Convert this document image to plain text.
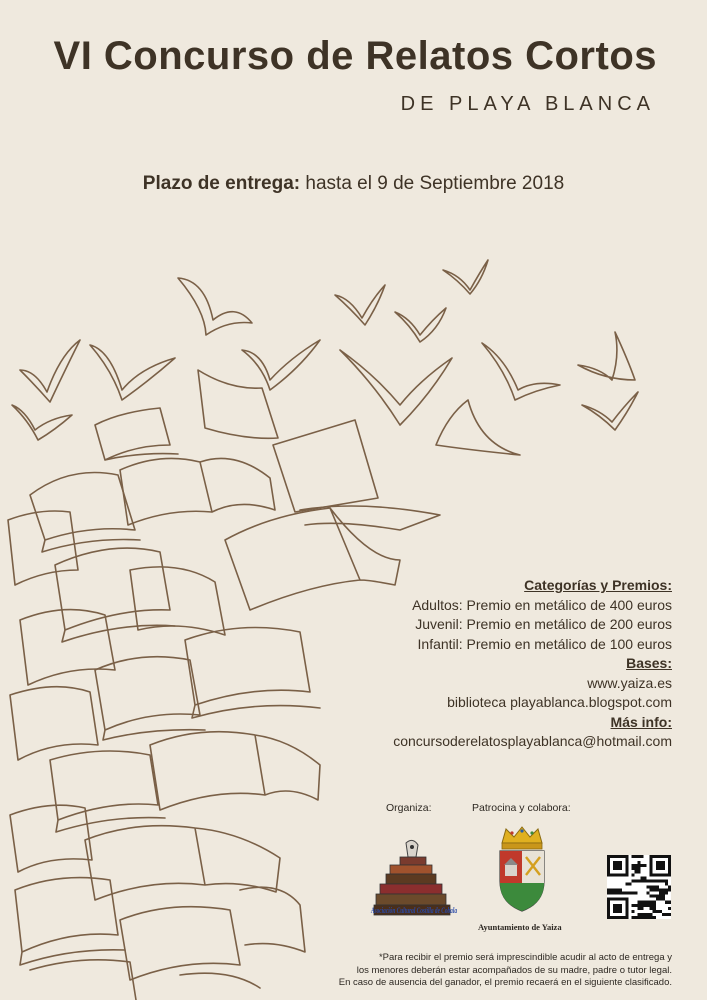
VI Concurso de Relatos Cortos
DE PLAYA BLANCA
Plazo de entrega: hasta el 9 de Septiembre 2018
Categorías y Premios:
Adultos: Premio en metálico de 400 euros
Juvenil: Premio en metálico de 200 euros
Infantil: Premio en metálico de 100 euros
Bases:
www.yaiza.es
biblioteca playablanca.blogspot.com
Más info:
concursoderelatosplayablanca@hotmail.com
Organiza:	Patrocina y colabora:
Asociación Cultural Costilla de Cobala
Ayuntamiento de Yaiza
*Para recibir el premio será imprescindible acudir al acto de entrega y
los menores deberán estar acompañados de su madre, padre o tutor legal.
En caso de ausencia del ganador, el premio recaerá en el siguiente clasificado.
